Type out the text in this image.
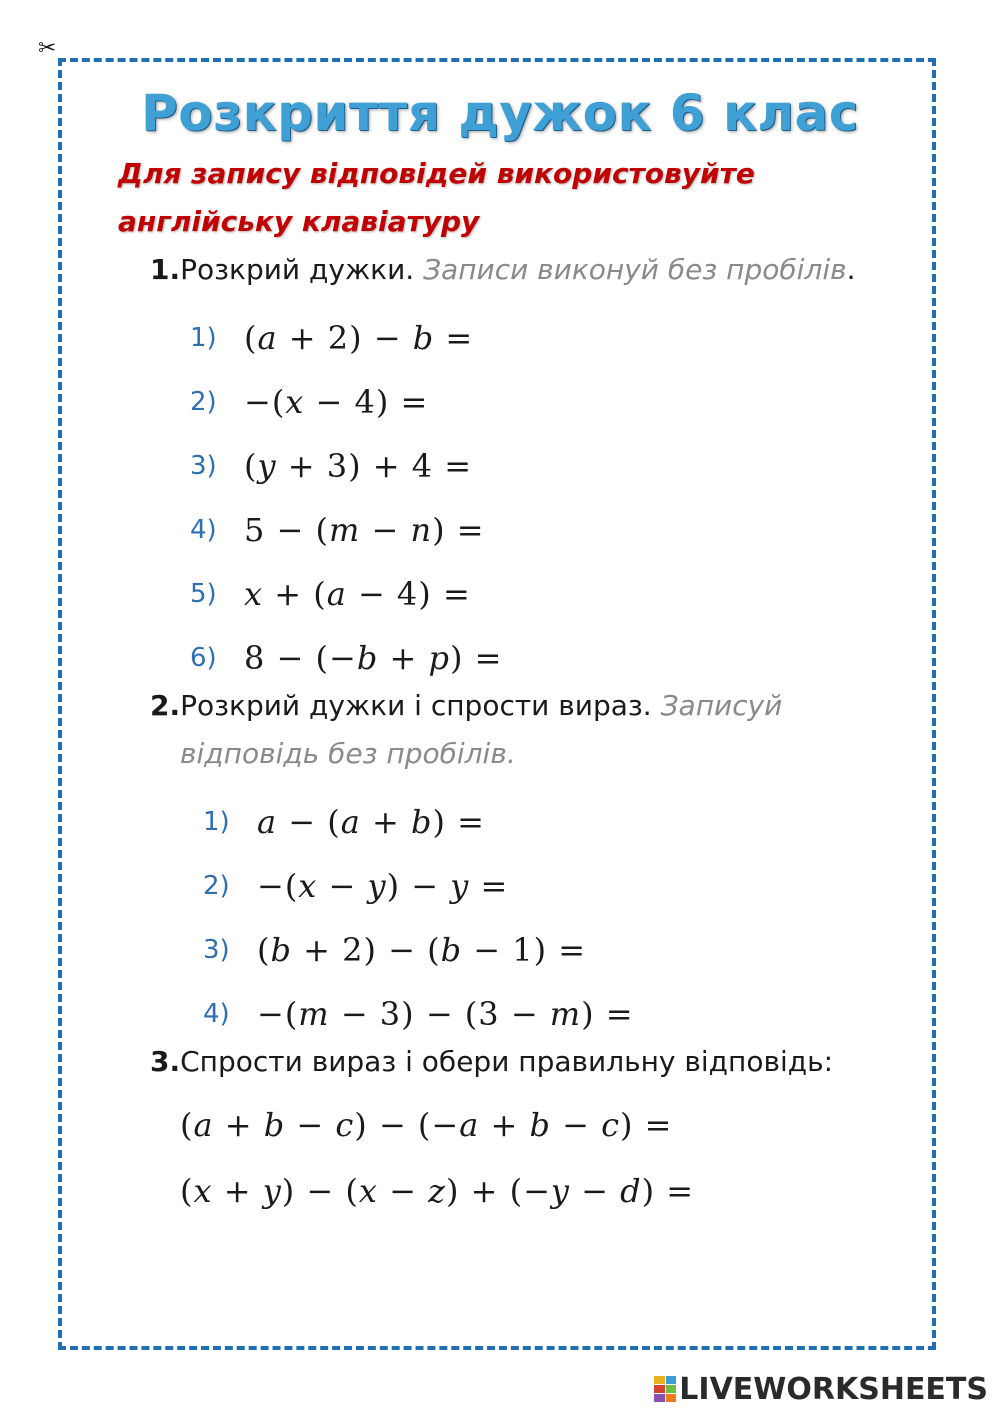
✂
Розкриття дужок 6 клас
Для запису відповідей використовуйте англійську клавіатуру
1.Розкрий дужки. Записи виконуй без пробілів.
1) (𝑎 + 2) − 𝑏 =
2) −(𝑥 − 4) =
3) (𝑦 + 3) + 4 =
4) 5 − (𝑚 − 𝑛) =
5) 𝑥 + (𝑎 − 4) =
6) 8 − (−𝑏 + 𝑝) =
2.Розкрий дужки і спрости вираз. Записуй
відповідь без пробілів.
1) 𝑎 − (𝑎 + 𝑏) =
2) −(𝑥 − 𝑦) − 𝑦 =
3) (𝑏 + 2) − (𝑏 − 1) =
4) −(𝑚 − 3) − (3 − 𝑚) =
3.Спрости вираз і обери правильну відповідь:
(𝑎 + 𝑏 − 𝑐) − (−𝑎 + 𝑏 − 𝑐) =
(𝑥 + 𝑦) − (𝑥 − 𝑧) + (−𝑦 − 𝑑) =
LIVEWORKSHEETS
